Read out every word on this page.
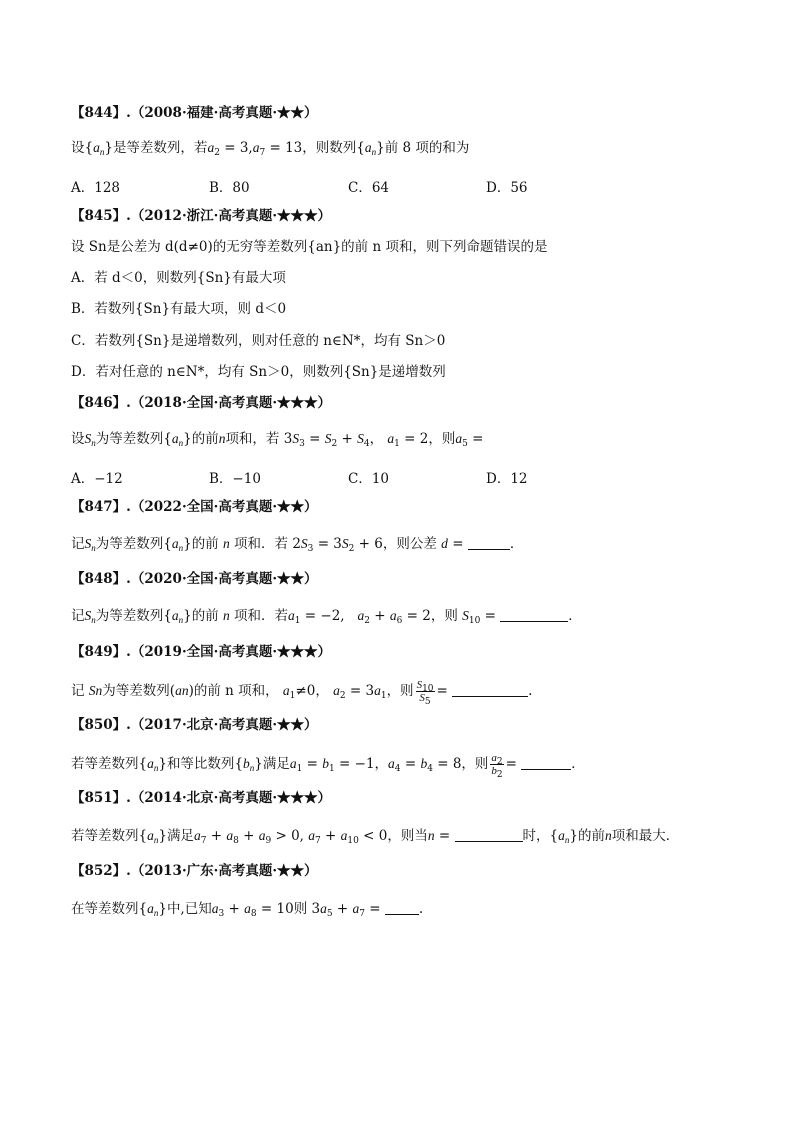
【844】.（2008·福建·高考真题·★★）
设$\{a_n\}$是等差数列，若$a_2 = 3,a_7 = 13$，则数列$\{a_n\}$前 8 项的和为
A．128	B．80	C．64	D．56
【845】.（2012·浙江·高考真题·★★★）
设 Sn是公差为 d(d≠0)的无穷等差数列{an}的前 n 项和，则下列命题错误的是
A．若 d＜0，则数列{Sn}有最大项
B．若数列{Sn}有最大项，则 d＜0
C．若数列{Sn}是递增数列，则对任意的 n∈N*，均有 Sn＞0
D．若对任意的 n∈N*，均有 Sn＞0，则数列{Sn}是递增数列
【846】.（2018·全国·高考真题·★★★）
设$S_n$为等差数列$\{a_n\}$的前n项和，若 $3S_3 = S_2 + S_4$， $a_1 = 2$，则$a_5$ =
A．−12	B．−10	C．10	D．12
【847】.（2022·全国·高考真题·★★）
记$S_n$为等差数列$\{a_n\}$的前 n 项和．若 $2S_3 = 3S_2 + 6$，则公差 d =	．
【848】.（2020·全国·高考真题·★★）
记$S_n$为等差数列$\{a_n\}$的前 n 项和．若$a_1 = -2$,   $a_2 + a_6 = 2$，则 $S_{10}$ =	．
【849】.（2019·全国·高考真题·★★★）
记 Sn为等差数列(an)的前 n 项和， $a_1\ne 0$， $a_2 = 3a_1$，则 $\frac{S_{10}}{S_5}$ =	.
【850】.（2017·北京·高考真题·★★）
若等差数列$\{a_n\}$和等比数列$\{b_n\}$满足$a_1 = b_1 = -1$，$a_4 = b_4 = 8$，则 $\frac{a_2}{b_2}$ =	．
【851】.（2014·北京·高考真题·★★★）
若等差数列$\{a_n\}$满足$a_7 + a_8 + a_9 > 0$, $a_7 + a_{10} < 0$，则当n =	时，$\{a_n\}$的前n项和最大．
【852】.（2013·广东·高考真题·★★）
在等差数列$\{a_n\}$中,已知$a_3 + a_8 = 10$则 $3a_5 + a_7$ =	.
